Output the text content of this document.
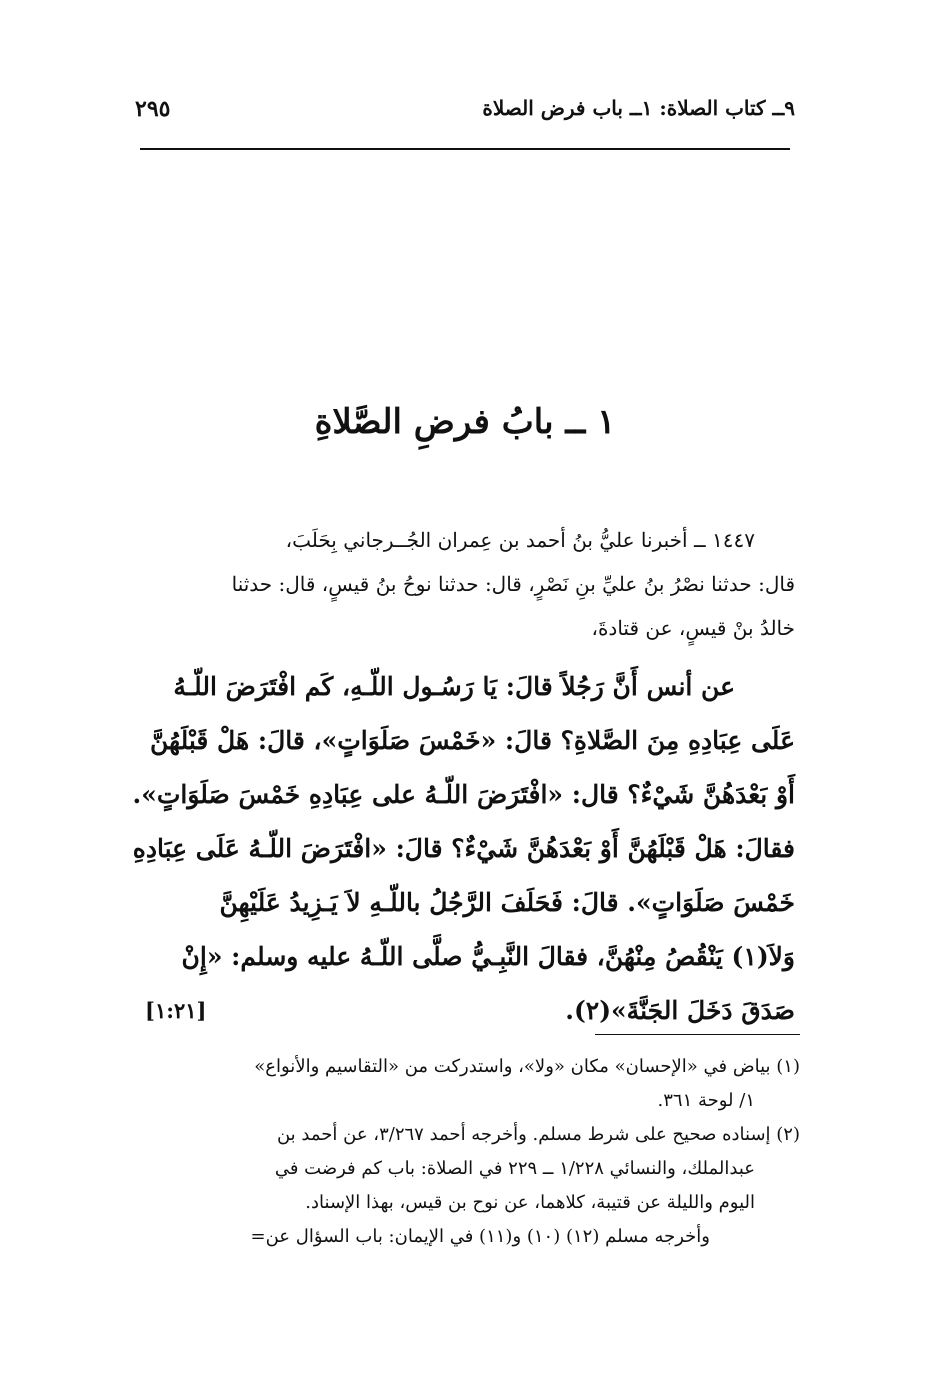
٩ــ كتاب الصلاة: ١ــ باب فرض الصلاة
٢٩٥
١ ــ بابُ فرضِ الصَّلاةِ
١٤٤٧ ــ أخبرنا عليُّ بنُ أحمد بن عِمران الجُــرجاني بِحَلَبَ،
قال: حدثنا نصْرُ بنُ عليِّ بنِ نَصْرٍ، قال: حدثنا نوحُ بنُ قيسٍ، قال: حدثنا
خالدُ بنْ قيسٍ، عن قتادةَ،
عن أنس أَنَّ رَجُلاً قالَ: يَا رَسُـول اللّـهِ، كَم افْتَرَضَ اللّـهُ
عَلَى عِبَادِهِ مِنَ الصَّلاةِ؟ قالَ: «خَمْسَ صَلَوَاتٍ»، قالَ: هَلْ قَبْلَهُنَّ
أَوْ بَعْدَهُنَّ شَيْءٌ؟ قال: «افْتَرَضَ اللّـهُ على عِبَادِهِ خَمْسَ صَلَوَاتٍ».
فقالَ: هَلْ قَبْلَهُنَّ أَوْ بَعْدَهُنَّ شَيْءٌ؟ قالَ: «افْتَرَضَ اللّـهُ عَلَى عِبَادِهِ
خَمْسَ صَلَوَاتٍ». قالَ: فَحَلَفَ الرَّجُلُ باللّـهِ لاَ يَـزِيدُ عَلَيْهِنَّ
وَلاَ(١) يَنْقُصُ مِنْهُنَّ، فقالَ النَّبِـيُّ صلَّى اللّـهُ عليه وسلم: «إِنْ
صَدَقَ دَخَلَ الجَنَّةَ»(٢).
[١:٢١]
(١) بياض في «الإحسان» مكان «ولا»، واستدركت من «التقاسيم والأنواع»
١/ لوحة ٣٦١.
(٢) إسناده صحيح على شرط مسلم. وأخرجه أحمد ٣/٢٦٧، عن أحمد بن
عبدالملك، والنسائي ١/٢٢٨ ــ ٢٢٩ في الصلاة: باب كم فرضت في
اليوم والليلة عن قتيبة، كلاهما، عن نوح بن قيس، بهذا الإسناد.
وأخرجه مسلم (١٢) (١٠) و(١١) في الإيمان: باب السؤال عن=
